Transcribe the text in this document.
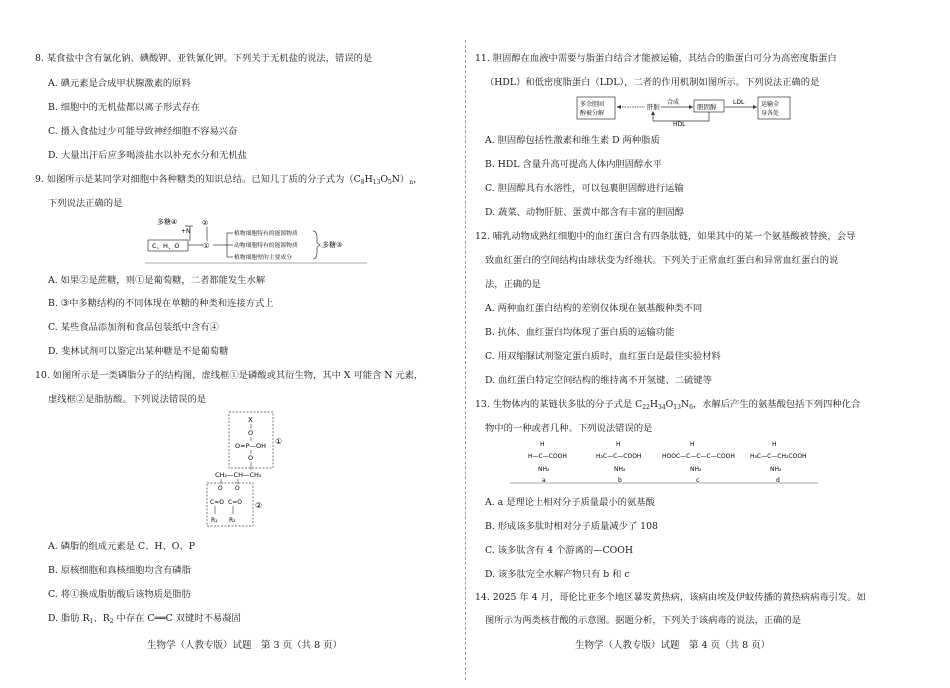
8. 某食盐中含有氯化钠、碘酸钾、亚铁氰化钾。下列关于无机盐的说法，错误的是
A. 碘元素是合成甲状腺激素的原料
B. 细胞中的无机盐都以离子形式存在
C. 摄入食盐过少可能导致神经细胞不容易兴奋
D. 大量出汗后应多喝淡盐水以补充水分和无机盐
9. 如图所示是某同学对细胞中各种糖类的知识总结。已知几丁质的分子式为$(C_8H_{13}O_5N)_n$，
下列说法正确的是
多糖④
+N
②
C、H、O	①
植物细胞特有的能源物质
动物细胞特有的能源物质
植物细胞壁的主要成分
多糖③
A. 如果②是蔗糖，则①是葡萄糖，二者都能发生水解
B. ③中多糖结构的不同体现在单糖的种类和连接方式上
C. 某些食品添加剂和食品包装纸中含有④
D. 斐林试剂可以鉴定出某种糖是不是葡萄糖
10. 如图所示是一类磷脂分子的结构图，虚线框①是磷酸或其衍生物，其中 X 可能含 N 元素，
虚线框②是脂肪酸。下列说法错误的是
①
X
O
O=P—OH
O
CH₂—CH—CH₂
②
O O
C=O C=O
R₁ R₂
A. 磷脂的组成元素是 C、H、O、P
B. 原核细胞和真核细胞均含有磷脂
C. 将①换成脂肪酸后该物质是脂肪
D. 脂肪 $R_1$、$R_2$ 中存在 C══C 双键时不易凝固
生物学（人教专版）试题　第 3 页（共 8 页）
11. 胆固醇在血液中需要与脂蛋白结合才能被运输，其结合的脂蛋白可分为高密度脂蛋白
（HDL）和低密度脂蛋白（LDL），二者的作用机制如图所示。下列说法正确的是
多余胆固
醇被分解
肝脏
合成
胆固醇
LDL
HDL
运输全
身各处
A. 胆固醇包括性激素和维生素 D 两种脂质
B. HDL 含量升高可提高人体内胆固醇水平
C. 胆固醇具有水溶性，可以包裹胆固醇进行运输
D. 蔬菜、动物肝脏、蛋黄中都含有丰富的胆固醇
12. 哺乳动物成熟红细胞中的血红蛋白含有四条肽链，如果其中的某一个氨基酸被替换，会导
致血红蛋白的空间结构由球状变为纤维状。下列关于正常血红蛋白和异常血红蛋白的说
法，正确的是
A. 两种血红蛋白结构的差别仅体现在氨基酸种类不同
B. 抗体、血红蛋白均体现了蛋白质的运输功能
C. 用双缩脲试剂鉴定蛋白质时，血红蛋白是最佳实验材料
D. 血红蛋白特定空间结构的维持离不开氢键、二硫键等
13. 生物体内的某链状多肽的分子式是 $C_{22}H_{34}O_{13}N_6$，水解后产生的氨基酸包括下列四种化合
物中的一种或者几种。下列说法错误的是
H
H—C—COOH
NH₂
a
H
H₃C—C—COOH
NH₂
b
H
HOOC—C—C—C—COOH
NH₂
c
H
H₃C—C—CH₂COOH
NH₂
d
A. a 是理论上相对分子质量最小的氨基酸
B. 形成该多肽时相对分子质量减少了 108
C. 该多肽含有 4 个游离的—COOH
D. 该多肽完全水解产物只有 b 和 c
14. 2025 年 4 月，哥伦比亚多个地区暴发黄热病，该病由埃及伊蚊传播的黄热病病毒引发。如
图所示为两类核苷酸的示意图。据题分析，下列关于该病毒的说法，正确的是
生物学（人教专版）试题　第 4 页（共 8 页）
